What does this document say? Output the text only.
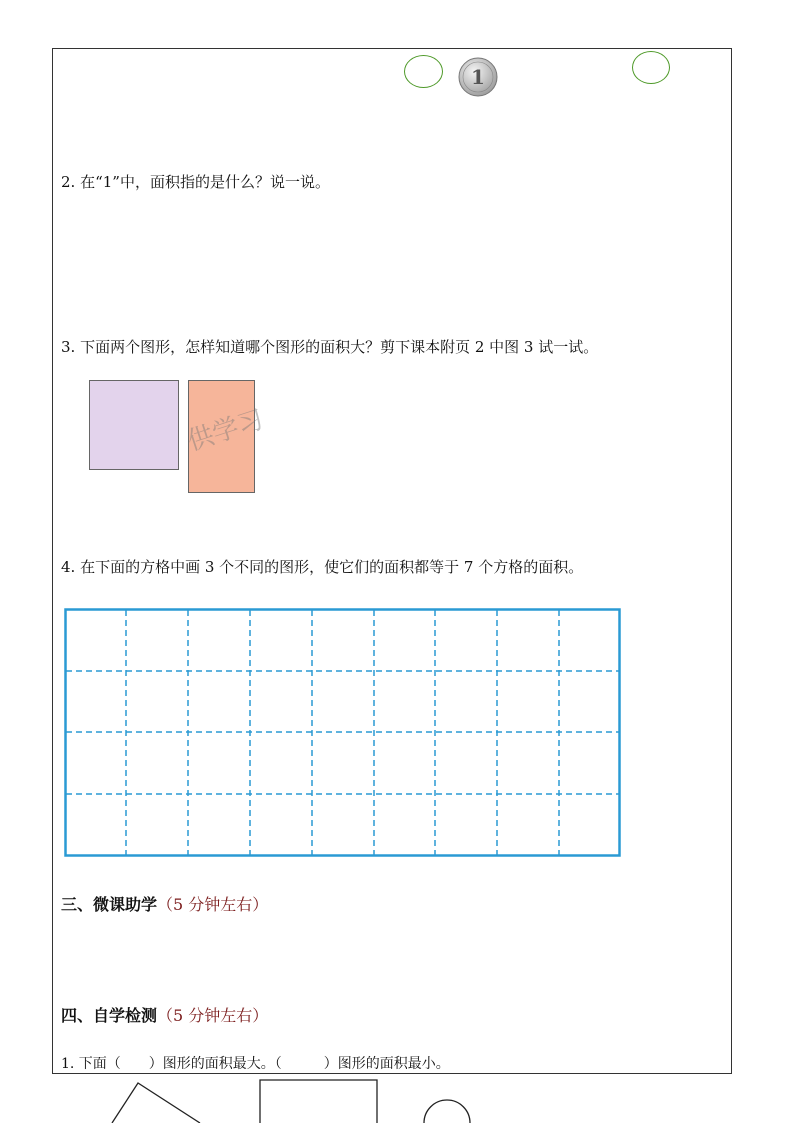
1
2. 在“1”中，面积指的是什么？说一说。
3. 下面两个图形，怎样知道哪个图形的面积大？剪下课本附页 2 中图 3 试一试。
供学习
4. 在下面的方格中画 3 个不同的图形，使它们的面积都等于 7 个方格的面积。
三、微课助学（5 分钟左右）
四、自学检测（5 分钟左右）
1. 下面（　　）图形的面积最大。（　　　）图形的面积最小。
